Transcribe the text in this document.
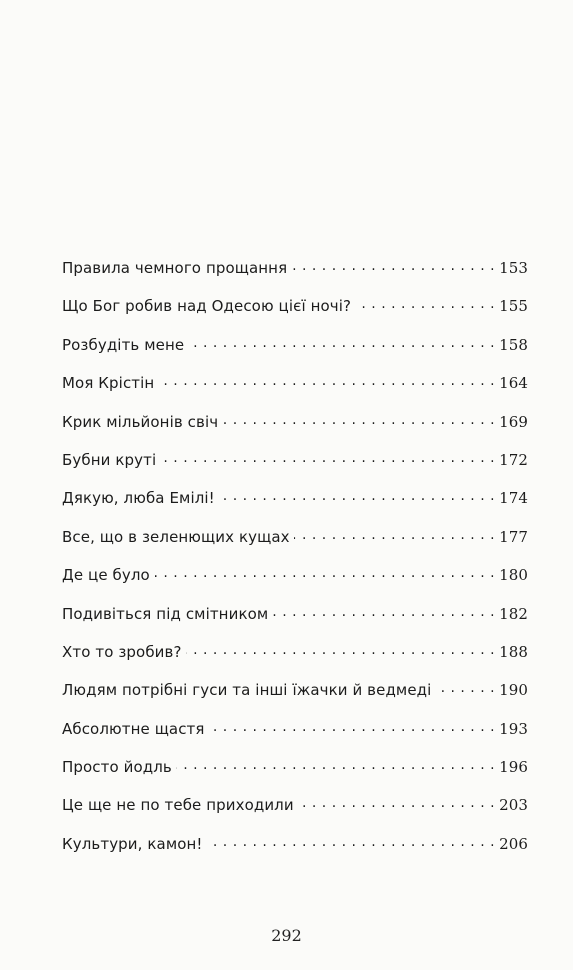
Правила чемного прощання . . .	153
Що Бог робив над Одесою цієї ночі? . . .	155
Розбудіть мене . . .	158
Моя Крістін . . .	164
Крик мільйонів свіч . . .	169
Бубни круті . . .	172
Дякую, люба Емілі! . . .	174
Все, що в зеленющих кущах . . .	177
Де це було . . .	180
Подивіться під смітником . . .	182
Хто то зробив? . . .	188
Людям потрібні гуси та інші їжачки й ведмеді . . .	190
Абсолютне щастя . . .	193
Просто йодль . . .	196
Це ще не по тебе приходили . . .	203
Культури, камон! . . .	206
292
